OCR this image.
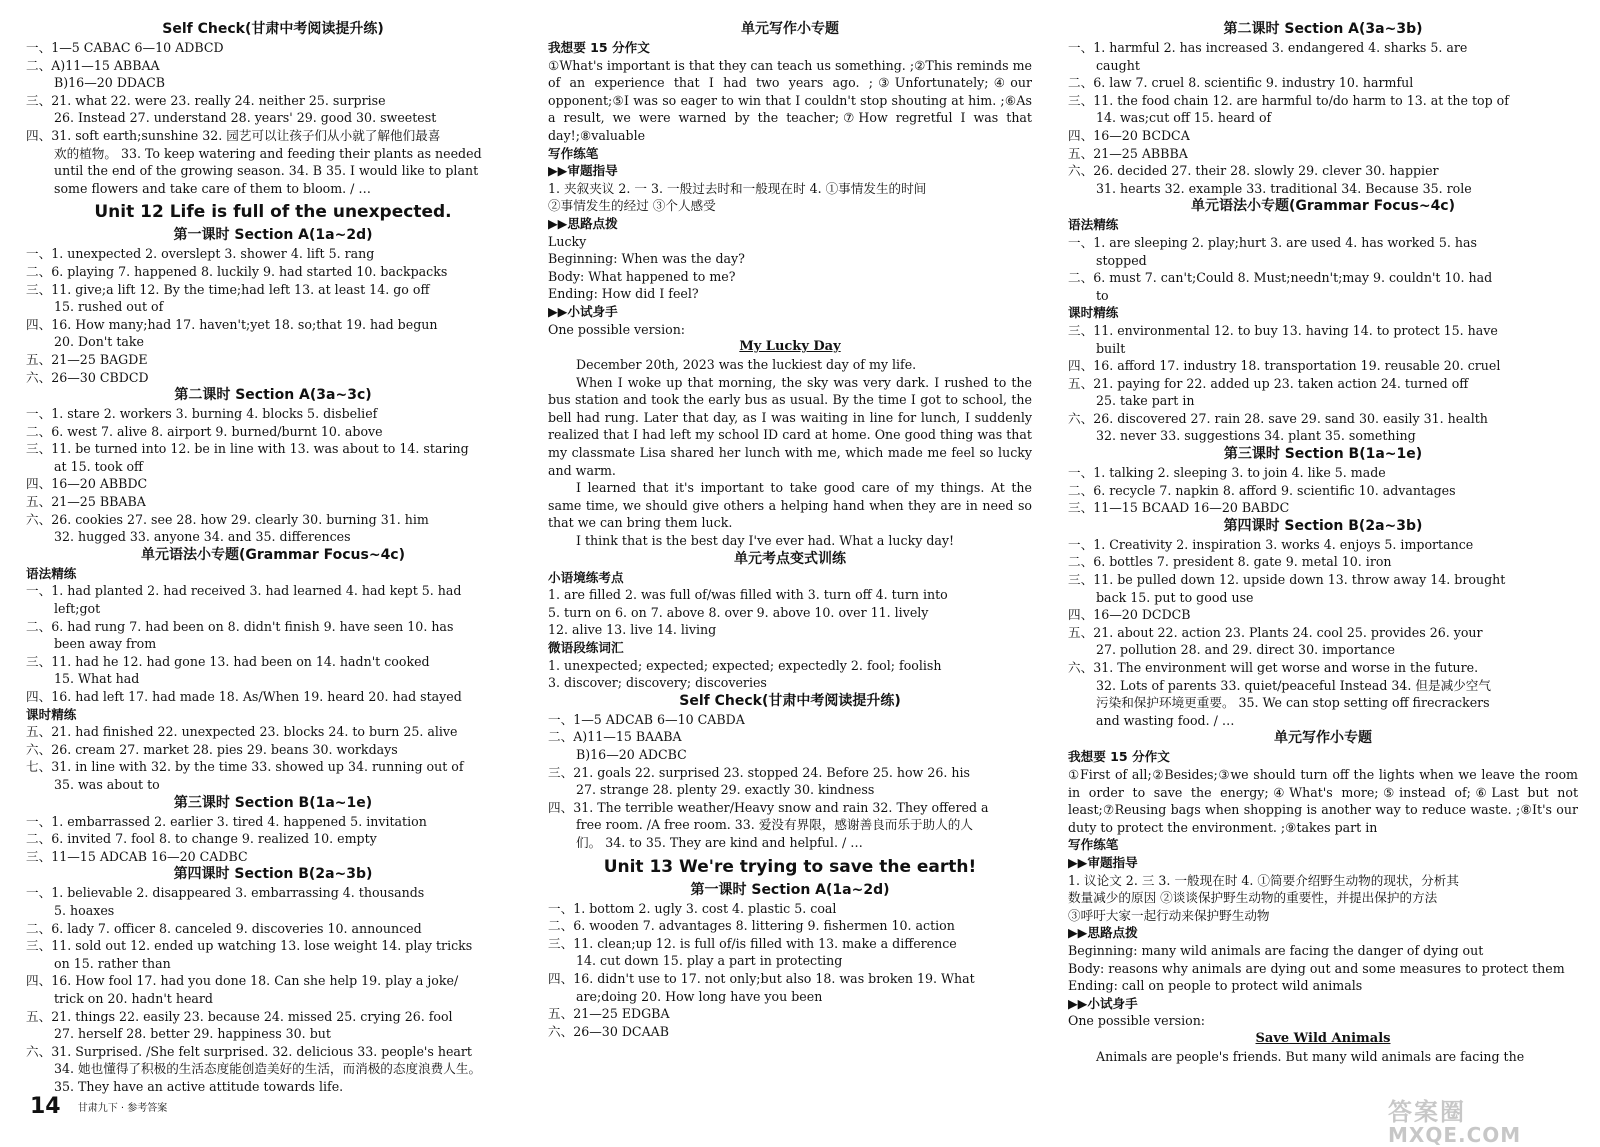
Self Check(甘肃中考阅读提升练)
一、1—5 CABAC 6—10 ADBCD
二、A)11—15 ABBAA
B)16—20 DDACB
三、21. what 22. were 23. really 24. neither 25. surprise
26. Instead 27. understand 28. years' 29. good 30. sweetest
四、31. soft earth;sunshine 32. 园艺可以让孩子们从小就了解他们最喜
欢的植物。 33. To keep watering and feeding their plants as needed
until the end of the growing season. 34. B 35. I would like to plant
some flowers and take care of them to bloom. / …
Unit 12 Life is full of the unexpected.
第一课时 Section A(1a~2d)
一、1. unexpected 2. overslept 3. shower 4. lift 5. rang
二、6. playing 7. happened 8. luckily 9. had started 10. backpacks
三、11. give;a lift 12. By the time;had left 13. at least 14. go off
15. rushed out of
四、16. How many;had 17. haven't;yet 18. so;that 19. had begun
20. Don't take
五、21—25 BAGDE
六、26—30 CBDCD
第二课时 Section A(3a~3c)
一、1. stare 2. workers 3. burning 4. blocks 5. disbelief
二、6. west 7. alive 8. airport 9. burned/burnt 10. above
三、11. be turned into 12. be in line with 13. was about to 14. staring
at 15. took off
四、16—20 ABBDC
五、21—25 BBABA
六、26. cookies 27. see 28. how 29. clearly 30. burning 31. him
32. hugged 33. anyone 34. and 35. differences
单元语法小专题(Grammar Focus~4c)
语法精练
一、1. had planted 2. had received 3. had learned 4. had kept 5. had
left;got
二、6. had rung 7. had been on 8. didn't finish 9. have seen 10. has
been away from
三、11. had he 12. had gone 13. had been on 14. hadn't cooked
15. What had
四、16. had left 17. had made 18. As/When 19. heard 20. had stayed
课时精练
五、21. had finished 22. unexpected 23. blocks 24. to burn 25. alive
六、26. cream 27. market 28. pies 29. beans 30. workdays
七、31. in line with 32. by the time 33. showed up 34. running out of
35. was about to
第三课时 Section B(1a~1e)
一、1. embarrassed 2. earlier 3. tired 4. happened 5. invitation
二、6. invited 7. fool 8. to change 9. realized 10. empty
三、11—15 ADCAB 16—20 CADBC
第四课时 Section B(2a~3b)
一、1. believable 2. disappeared 3. embarrassing 4. thousands
5. hoaxes
二、6. lady 7. officer 8. canceled 9. discoveries 10. announced
三、11. sold out 12. ended up watching 13. lose weight 14. play tricks
on 15. rather than
四、16. How fool 17. had you done 18. Can she help 19. play a joke/
trick on 20. hadn't heard
五、21. things 22. easily 23. because 24. missed 25. crying 26. fool
27. herself 28. better 29. happiness 30. but
六、31. Surprised. /She felt surprised. 32. delicious 33. people's heart
34. 她也懂得了积极的生活态度能创造美好的生活，而消极的态度浪费人生。
35. They have an active attitude towards life.
单元写作小专题
我想要 15 分作文
①What's important is that they can teach us something. ;②This reminds me of an experience that I had two years ago. ;③Unfortunately;④our opponent;⑤I was so eager to win that I couldn't stop shouting at him. ;⑥As a result, we were warned by the teacher;⑦How regretful I was that day!;⑧valuable
写作练笔
▶▶审题指导
1. 夹叙夹议 2. 一 3. 一般过去时和一般现在时 4. ①事情发生的时间
②事情发生的经过 ③个人感受
▶▶思路点拨
Lucky
Beginning: When was the day?
Body: What happened to me?
Ending: How did I feel?
▶▶小试身手
One possible version:
My Lucky Day
December 20th, 2023 was the luckiest day of my life.
When I woke up that morning, the sky was very dark. I rushed to the bus station and took the early bus as usual. By the time I got to school, the bell had rung. Later that day, as I was waiting in line for lunch, I suddenly realized that I had left my school ID card at home. One good thing was that my classmate Lisa shared her lunch with me, which made me feel so lucky and warm.
I learned that it's important to take good care of my things. At the same time, we should give others a helping hand when they are in need so that we can bring them luck.
I think that is the best day I've ever had. What a lucky day!
单元考点变式训练
小语境练考点
1. are filled 2. was full of/was filled with 3. turn off 4. turn into
5. turn on 6. on 7. above 8. over 9. above 10. over 11. lively
12. alive 13. live 14. living
微语段练词汇
1. unexpected; expected; expected; expectedly 2. fool; foolish
3. discover; discovery; discoveries
Self Check(甘肃中考阅读提升练)
一、1—5 ADCAB 6—10 CABDA
二、A)11—15 BAABA
B)16—20 ADCBC
三、21. goals 22. surprised 23. stopped 24. Before 25. how 26. his
27. strange 28. plenty 29. exactly 30. kindness
四、31. The terrible weather/Heavy snow and rain 32. They offered a
free room. /A free room. 33. 爱没有界限，感谢善良而乐于助人的人
们。 34. to 35. They are kind and helpful. / …
Unit 13 We're trying to save the earth!
第一课时 Section A(1a~2d)
一、1. bottom 2. ugly 3. cost 4. plastic 5. coal
二、6. wooden 7. advantages 8. littering 9. fishermen 10. action
三、11. clean;up 12. is full of/is filled with 13. make a difference
14. cut down 15. play a part in protecting
四、16. didn't use to 17. not only;but also 18. was broken 19. What
are;doing 20. How long have you been
五、21—25 EDGBA
六、26—30 DCAAB
第二课时 Section A(3a~3b)
一、1. harmful 2. has increased 3. endangered 4. sharks 5. are
caught
二、6. law 7. cruel 8. scientific 9. industry 10. harmful
三、11. the food chain 12. are harmful to/do harm to 13. at the top of
14. was;cut off 15. heard of
四、16—20 BCDCA
五、21—25 ABBBA
六、26. decided 27. their 28. slowly 29. clever 30. happier
31. hearts 32. example 33. traditional 34. Because 35. role
单元语法小专题(Grammar Focus~4c)
语法精练
一、1. are sleeping 2. play;hurt 3. are used 4. has worked 5. has
stopped
二、6. must 7. can't;Could 8. Must;needn't;may 9. couldn't 10. had
to
课时精练
三、11. environmental 12. to buy 13. having 14. to protect 15. have
built
四、16. afford 17. industry 18. transportation 19. reusable 20. cruel
五、21. paying for 22. added up 23. taken action 24. turned off
25. take part in
六、26. discovered 27. rain 28. save 29. sand 30. easily 31. health
32. never 33. suggestions 34. plant 35. something
第三课时 Section B(1a~1e)
一、1. talking 2. sleeping 3. to join 4. like 5. made
二、6. recycle 7. napkin 8. afford 9. scientific 10. advantages
三、11—15 BCAAD 16—20 BABDC
第四课时 Section B(2a~3b)
一、1. Creativity 2. inspiration 3. works 4. enjoys 5. importance
二、6. bottles 7. president 8. gate 9. metal 10. iron
三、11. be pulled down 12. upside down 13. throw away 14. brought
back 15. put to good use
四、16—20 DCDCB
五、21. about 22. action 23. Plants 24. cool 25. provides 26. your
27. pollution 28. and 29. direct 30. importance
六、31. The environment will get worse and worse in the future.
32. Lots of parents 33. quiet/peaceful Instead 34. 但是减少空气
污染和保护环境更重要。 35. We can stop setting off firecrackers
and wasting food. / …
单元写作小专题
我想要 15 分作文
①First of all;②Besides;③we should turn off the lights when we leave the room in order to save the energy;④What's more;⑤instead of;⑥Last but not least;⑦Reusing bags when shopping is another way to reduce waste. ;⑧It's our duty to protect the environment. ;⑨takes part in
写作练笔
▶▶审题指导
1. 议论文 2. 三 3. 一般现在时 4. ①简要介绍野生动物的现状，分析其
数量减少的原因 ②谈谈保护野生动物的重要性，并提出保护的方法
③呼吁大家一起行动来保护野生动物
▶▶思路点拨
Beginning: many wild animals are facing the danger of dying out
Body: reasons why animals are dying out and some measures to protect them
Ending: call on people to protect wild animals
▶▶小试身手
One possible version:
Save Wild Animals
Animals are people's friends. But many wild animals are facing the
14 甘肃九下 · 参考答案	答案圈
MXQE.COM
